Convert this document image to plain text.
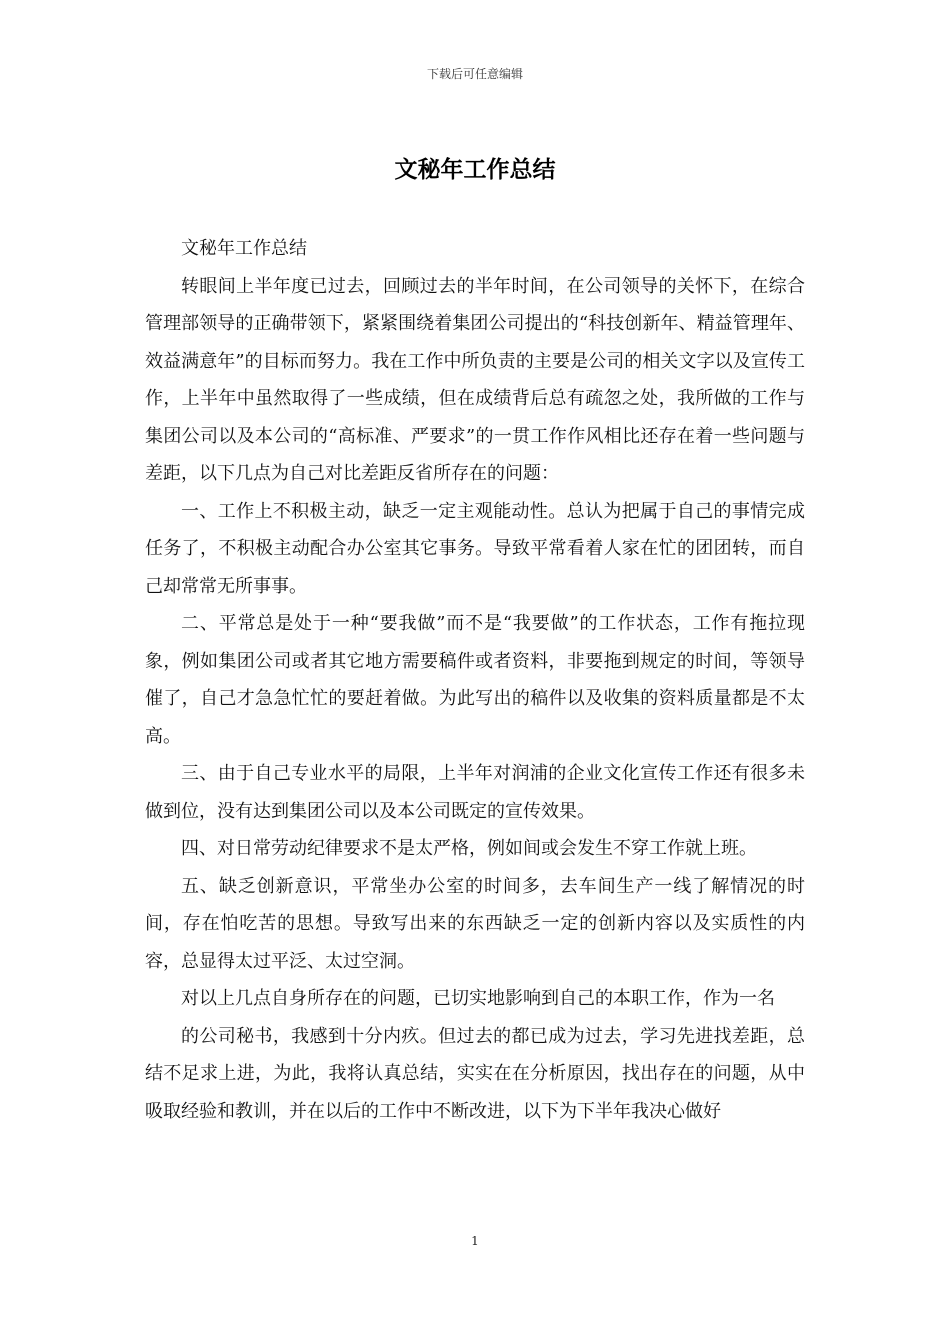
下载后可任意编辑
文秘年工作总结

文秘年工作总结

转眼间上半年度已过去，回顾过去的半年时间，在公司领导的关怀下，在综合管理部领导的正确带领下，紧紧围绕着集团公司提出的“科技创新年、精益管理年、效益满意年”的目标而努力。我在工作中所负责的主要是公司的相关文字以及宣传工作，上半年中虽然取得了一些成绩，但在成绩背后总有疏忽之处，我所做的工作与集团公司以及本公司的“高标准、严要求”的一贯工作作风相比还存在着一些问题与差距，以下几点为自己对比差距反省所存在的问题：

一、工作上不积极主动，缺乏一定主观能动性。总认为把属于自己的事情完成任务了，不积极主动配合办公室其它事务。导致平常看着人家在忙的团团转，而自己却常常无所事事。

二、平常总是处于一种“要我做”而不是“我要做”的工作状态，工作有拖拉现象，例如集团公司或者其它地方需要稿件或者资料，非要拖到规定的时间，等领导催了，自己才急急忙忙的要赶着做。为此写出的稿件以及收集的资料质量都是不太高。

三、由于自己专业水平的局限，上半年对润浦的企业文化宣传工作还有很多未做到位，没有达到集团公司以及本公司既定的宣传效果。

四、对日常劳动纪律要求不是太严格，例如间或会发生不穿工作就上班。

五、缺乏创新意识，平常坐办公室的时间多，去车间生产一线了解情况的时间，存在怕吃苦的思想。导致写出来的东西缺乏一定的创新内容以及实质性的内容，总显得太过平泛、太过空洞。

对以上几点自身所存在的问题，已切实地影响到自己的本职工作，作为一名

的公司秘书，我感到十分内疚。但过去的都已成为过去，学习先进找差距，总结不足求上进，为此，我将认真总结，实实在在分析原因，找出存在的问题，从中吸取经验和教训，并在以后的工作中不断改进，以下为下半年我决心做好

1
